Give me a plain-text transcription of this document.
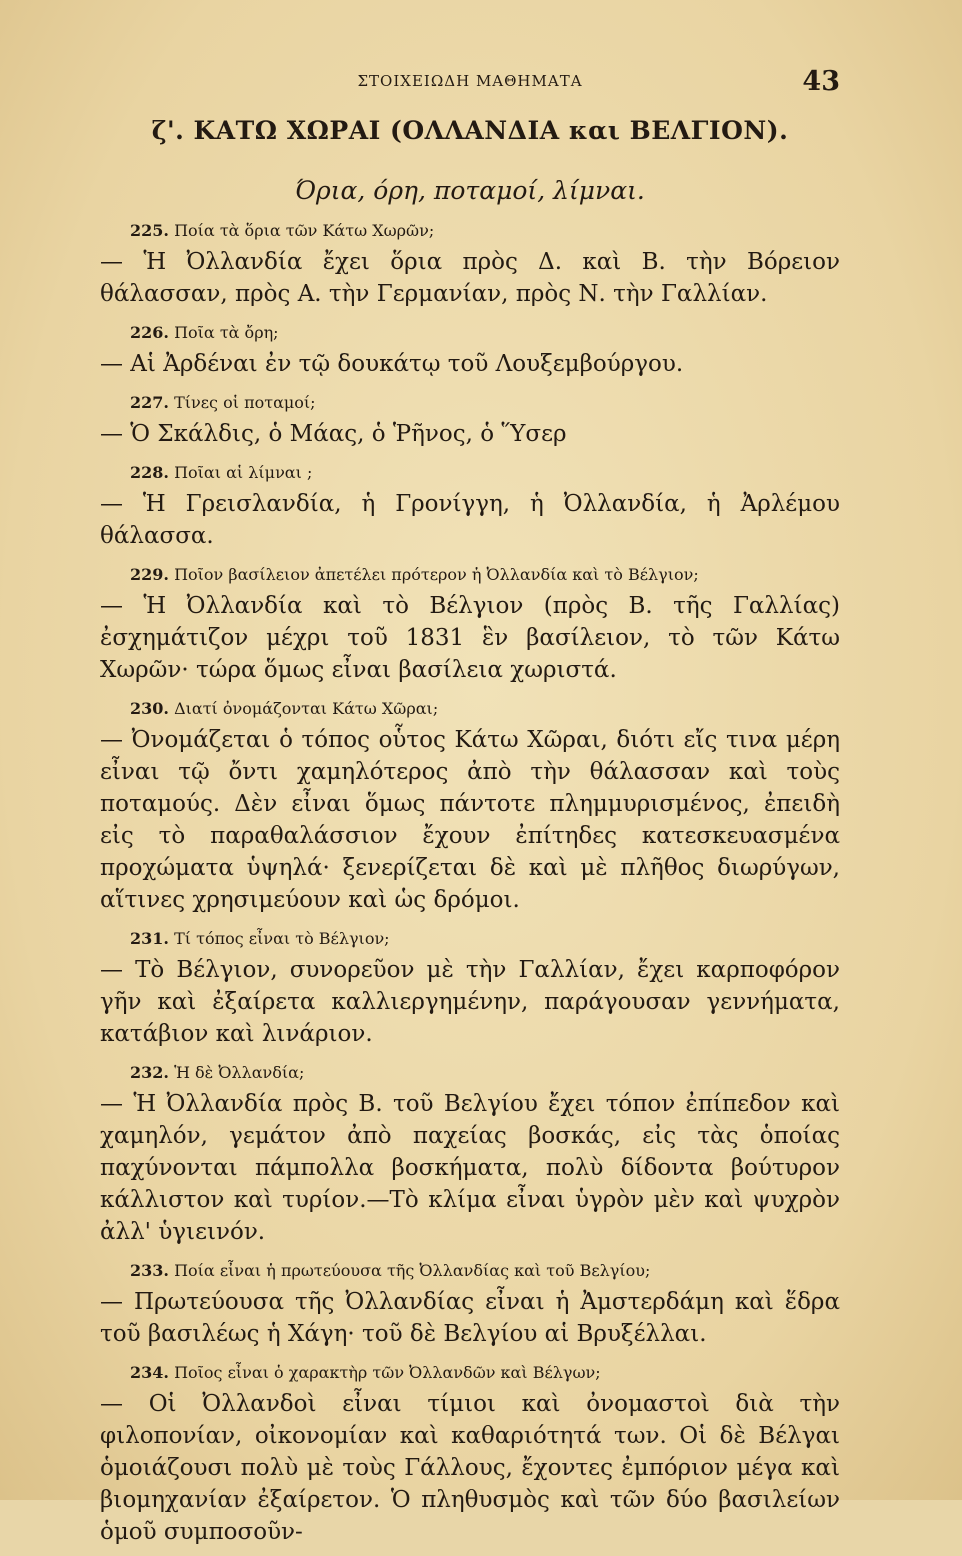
ΣΤΟΙΧΕΙΩΔΗ ΜΑΘΗΜΑΤΑ	43
ζ'. ΚΑΤΩ ΧΩΡΑΙ (ΟΛΛΑΝΔΙΑ και ΒΕΛΓΙΟΝ).
Όρια, όρη, ποταμοί, λίμναι.
225. Ποία τὰ ὅρια τῶν Κάτω Χωρῶν;

— Ἡ Ὀλλανδία ἔχει ὅρια πρὸς Δ. καὶ Β. τὴν Βόρειον θάλασσαν, πρὸς Α. τὴν Γερμανίαν, πρὸς Ν. τὴν Γαλλίαν.

226. Ποῖα τὰ ὄρη;

— Αἱ Ἀρδέναι ἐν τῷ δουκάτῳ τοῦ Λουξεμβούργου.

227. Τίνες οἱ ποταμοί;

— Ὁ Σκάλδις, ὁ Μάας, ὁ Ῥῆνος, ὁ Ὕσερ

228. Ποῖαι αἱ λίμναι ;

— Ἡ Γρεισλανδία, ἡ Γρονίγγη, ἡ Ὀλλανδία, ἡ Ἀρλέμου θάλασσα.

229. Ποῖον βασίλειον ἀπετέλει πρότερον ἡ Ὀλλανδία καὶ τὸ Βέλγιον;

— Ἡ Ὀλλανδία καὶ τὸ Βέλγιον (πρὸς Β. τῆς Γαλλίας) ἐσχημάτιζον μέχρι τοῦ 1831 ἓν βασίλειον, τὸ τῶν Κάτω Χωρῶν· τώρα ὅμως εἶναι βασίλεια χωριστά.

230. Διατί ὀνομάζονται Κάτω Χῶραι;

— Ὀνομάζεται ὁ τόπος οὗτος Κάτω Χῶραι, διότι εἴς τινα μέρη εἶναι τῷ ὄντι χαμηλότερος ἀπὸ τὴν θάλασσαν καὶ τοὺς ποταμούς. Δὲν εἶναι ὅμως πάντοτε πλημμυρισμένος, ἐπειδὴ εἰς τὸ παραθαλάσσιον ἔχουν ἐπίτηδες κατεσκευασμένα προχώματα ὑψηλά· ξενερίζεται δὲ καὶ μὲ πλῆθος διωρύγων, αἵτινες χρησιμεύουν καὶ ὡς δρόμοι.

231. Τί τόπος εἶναι τὸ Βέλγιον;

— Τὸ Βέλγιον, συνορεῦον μὲ τὴν Γαλλίαν, ἔχει καρποφόρον γῆν καὶ ἐξαίρετα καλλιεργημένην, παράγουσαν γεννήματα, κατάβιον καὶ λινάριον.

232. Ἡ δὲ Ὀλλανδία;

— Ἡ Ὀλλανδία πρὸς Β. τοῦ Βελγίου ἔχει τόπον ἐπίπεδον καὶ χαμηλόν, γεμάτον ἀπὸ παχείας βοσκάς, εἰς τὰς ὁποίας παχύνονται πάμπολλα βοσκήματα, πολὺ δίδοντα βούτυρον κάλλιστον καὶ τυρίον.—Τὸ κλίμα εἶναι ὑγρὸν μὲν καὶ ψυχρὸν ἀλλ' ὑγιεινόν.

233. Ποία εἶναι ἡ πρωτεύουσα τῆς Ὀλλανδίας καὶ τοῦ Βελγίου;

— Πρωτεύουσα τῆς Ὀλλανδίας εἶναι ἡ Ἀμστερδάμη καὶ ἕδρα τοῦ βασιλέως ἡ Χάγη· τοῦ δὲ Βελγίου αἱ Βρυξέλλαι.

234. Ποῖος εἶναι ὁ χαρακτὴρ τῶν Ὀλλανδῶν καὶ Βέλγων;

— Οἱ Ὀλλανδοὶ εἶναι τίμιοι καὶ ὀνομαστοὶ διὰ τὴν φιλοπονίαν, οἰκονομίαν καὶ καθαριότητά των. Οἱ δὲ Βέλγαι ὁμοιάζουσι πολὺ μὲ τοὺς Γάλλους, ἔχοντες ἐμπόριον μέγα καὶ βιομηχανίαν ἐξαίρετον. Ὁ πληθυσμὸς καὶ τῶν δύο βασιλείων ὁμοῦ συμποσοῦν-
